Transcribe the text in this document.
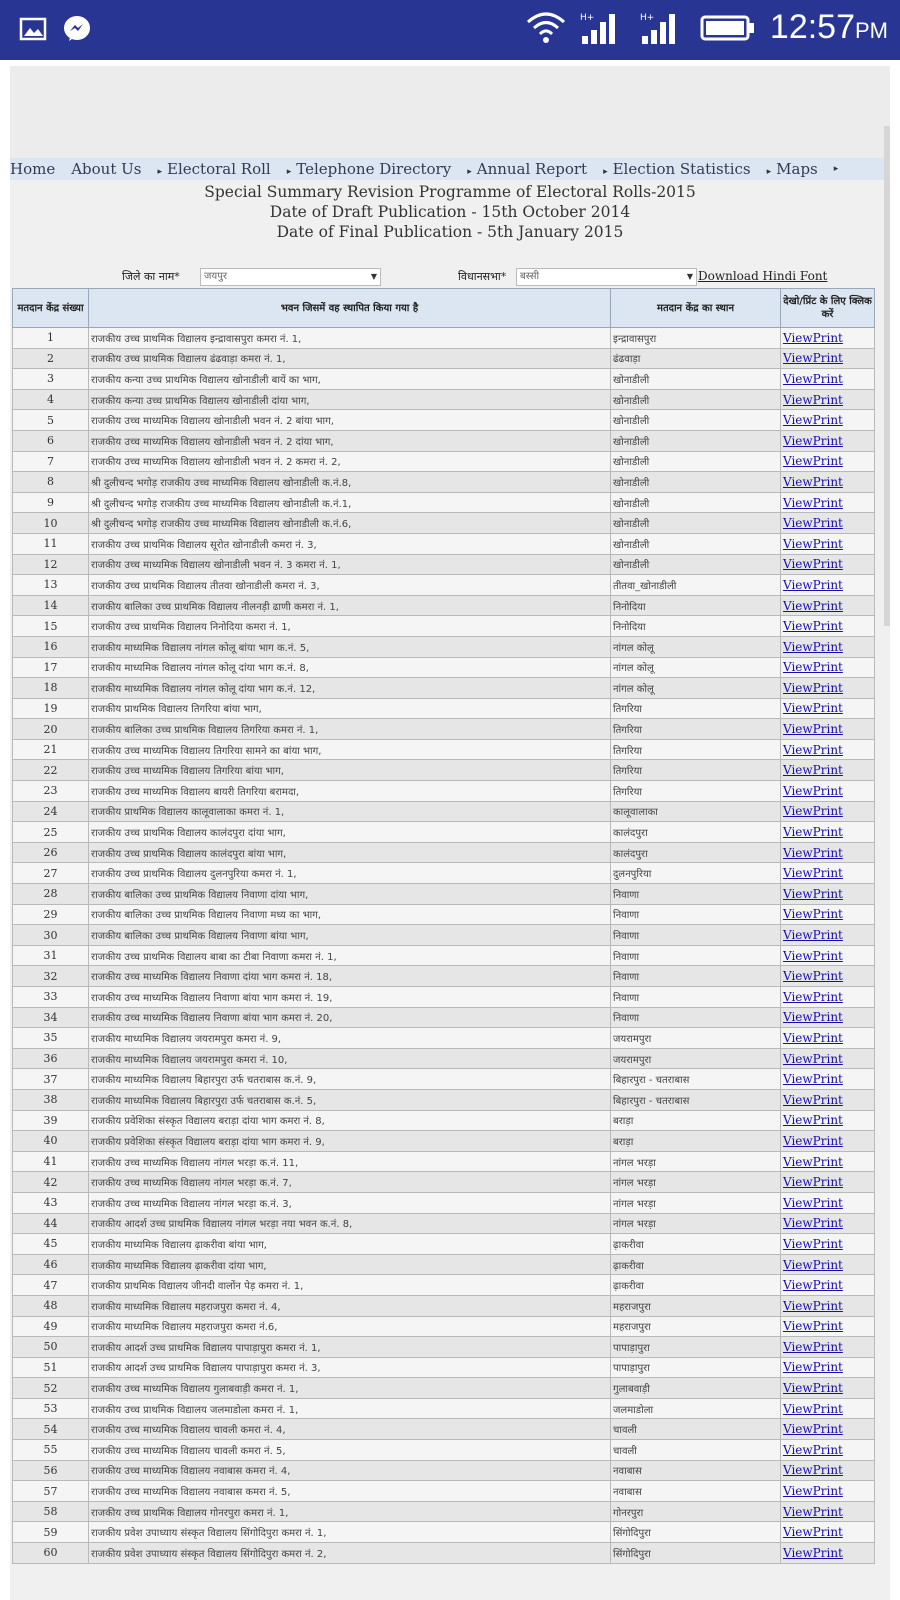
H+	H+	12:57PM
Home About Us ▸ Electoral Roll ▸ Telephone Directory ▸ Annual Report ▸ Election Statistics ▸ Maps ▸
Special Summary Revision Programme of Electoral Rolls-2015
Date of Draft Publication - 15th October 2014
Date of Final Publication - 5th January 2015
जिले का नाम*	जयपुर	▼	विधानसभा*	बस्सी	▼ Download Hindi Font
मतदान केंद्र संख्या	भवन जिसमें वह स्थापित किया गया है	मतदान केंद्र का स्थान	देखो/प्रिंट के लिए क्लिक करें
1	राजकीय उच्च प्राथमिक विद्यालय इन्द्रावासपुरा कमरा नं. 1,	इन्द्रावासपुरा	ViewPrint
2	राजकीय उच्च प्राथमिक विद्यालय ढंढवाड़ा कमरा नं. 1,	ढंढवाड़ा	ViewPrint
3	राजकीय कन्या उच्च प्राथमिक विद्यालय खोनाडीली बायें का भाग,	खोनाडीली	ViewPrint
4	राजकीय कन्या उच्च प्राथमिक विद्यालय खोनाडीली दांया भाग,	खोनाडीली	ViewPrint
5	राजकीय उच्च माध्यमिक विद्यालय खोनाडीली भवन नं. 2 बांया भाग,	खोनाडीली	ViewPrint
6	राजकीय उच्च माध्यमिक विद्यालय खोनाडीली भवन नं. 2 दांया भाग,	खोनाडीली	ViewPrint
7	राजकीय उच्च माध्यमिक विद्यालय खोनाडीली भवन नं. 2 कमरा नं. 2,	खोनाडीली	ViewPrint
8	श्री दुलीचन्द भगोड़ राजकीय उच्च माध्यमिक विद्यालय खोनाडीली क.नं.8,	खोनाडीली	ViewPrint
9	श्री दुलीचन्द भगोड़ राजकीय उच्च माध्यमिक विद्यालय खोनाडीली क.नं.1,	खोनाडीली	ViewPrint
10	श्री दुलीचन्द भगोड़ राजकीय उच्च माध्यमिक विद्यालय खोनाडीली क.नं.6,	खोनाडीली	ViewPrint
11	राजकीय उच्च प्राथमिक विद्यालय सूरोत खोनाडीली कमरा नं. 3,	खोनाडीली	ViewPrint
12	राजकीय उच्च माध्यमिक विद्यालय खोनाडीली भवन नं. 3 कमरा नं. 1,	खोनाडीली	ViewPrint
13	राजकीय उच्च प्राथमिक विद्यालय तीतवा खोनाडीली कमरा नं. 3,	तीतवा_खोनाडीली	ViewPrint
14	राजकीय बालिका उच्च प्राथमिक विद्यालय नीलनड़ी ढाणी कमरा नं. 1,	निनोदिया	ViewPrint
15	राजकीय उच्च प्राथमिक विद्यालय निनोदिया कमरा नं. 1,	निनोदिया	ViewPrint
16	राजकीय माध्यमिक विद्यालय नांगल कोलू बांया भाग क.नं. 5,	नांगल कोलू	ViewPrint
17	राजकीय माध्यमिक विद्यालय नांगल कोलू दांया भाग क.नं. 8,	नांगल कोलू	ViewPrint
18	राजकीय माध्यमिक विद्यालय नांगल कोलू दांया भाग क.नं. 12,	नांगल कोलू	ViewPrint
19	राजकीय प्राथमिक विद्यालय तिगरिया बांया भाग,	तिगरिया	ViewPrint
20	राजकीय बालिका उच्च प्राथमिक विद्यालय तिगरिया कमरा नं. 1,	तिगरिया	ViewPrint
21	राजकीय उच्च माध्यमिक विद्यालय तिगरिया सामने का बांया भाग,	तिगरिया	ViewPrint
22	राजकीय उच्च माध्यमिक विद्यालय तिगरिया बांया भाग,	तिगरिया	ViewPrint
23	राजकीय उच्च माध्यमिक विद्यालय बायरी तिगरिया बरामदा,	तिगरिया	ViewPrint
24	राजकीय प्राथमिक विद्यालय कालूवालाका कमरा नं. 1,	कालूवालाका	ViewPrint
25	राजकीय उच्च प्राथमिक विद्यालय कालंदपुरा दांया भाग,	कालंदपुरा	ViewPrint
26	राजकीय उच्च प्राथमिक विद्यालय कालंदपुरा बांया भाग,	कालंदपुरा	ViewPrint
27	राजकीय उच्च प्राथमिक विद्यालय दुलनपुरिया कमरा नं. 1,	दुलनपुरिया	ViewPrint
28	राजकीय बालिका उच्च प्राथमिक विद्यालय निवाणा दांया भाग,	निवाणा	ViewPrint
29	राजकीय बालिका उच्च प्राथमिक विद्यालय निवाणा मध्य का भाग,	निवाणा	ViewPrint
30	राजकीय बालिका उच्च प्राथमिक विद्यालय निवाणा बांया भाग,	निवाणा	ViewPrint
31	राजकीय उच्च प्राथमिक विद्यालय बाबा का टीबा निवाणा कमरा नं. 1,	निवाणा	ViewPrint
32	राजकीय उच्च माध्यमिक विद्यालय निवाणा दांया भाग कमरा नं. 18,	निवाणा	ViewPrint
33	राजकीय उच्च माध्यमिक विद्यालय निवाणा बांया भाग कमरा नं. 19,	निवाणा	ViewPrint
34	राजकीय उच्च माध्यमिक विद्यालय निवाणा बांया भाग कमरा नं. 20,	निवाणा	ViewPrint
35	राजकीय माध्यमिक विद्यालय जयरामपुरा कमरा नं. 9,	जयरामपुरा	ViewPrint
36	राजकीय माध्यमिक विद्यालय जयरामपुरा कमरा नं. 10,	जयरामपुरा	ViewPrint
37	राजकीय माध्यमिक विद्यालय बिहारपुरा उर्फ चतराबास क.नं. 9,	बिहारपुरा - चतराबास	ViewPrint
38	राजकीय माध्यमिक विद्यालय बिहारपुरा उर्फ चतराबास क.नं. 5,	बिहारपुरा - चतराबास	ViewPrint
39	राजकीय प्रवेशिका संस्कृत विद्यालय बराड़ा दांया भाग कमरा नं. 8,	बराड़ा	ViewPrint
40	राजकीय प्रवेशिका संस्कृत विद्यालय बराड़ा दांया भाग कमरा नं. 9,	बराड़ा	ViewPrint
41	राजकीय उच्च माध्यमिक विद्यालय नांगल भरड़ा क.नं. 11,	नांगल भरड़ा	ViewPrint
42	राजकीय उच्च माध्यमिक विद्यालय नांगल भरड़ा क.नं. 7,	नांगल भरड़ा	ViewPrint
43	राजकीय उच्च माध्यमिक विद्यालय नांगल भरड़ा क.नं. 3,	नांगल भरड़ा	ViewPrint
44	राजकीय आदर्श उच्च प्राथमिक विद्यालय नांगल भरड़ा नया भवन क.नं. 8,	नांगल भरड़ा	ViewPrint
45	राजकीय माध्यमिक विद्यालय ढ़ाकरीवा बांया भाग,	ढ़ाकरीवा	ViewPrint
46	राजकीय माध्यमिक विद्यालय ढ़ाकरीवा दांया भाग,	ढ़ाकरीवा	ViewPrint
47	राजकीय प्राथमिक विद्यालय जीनदी वालोंन पेड़ कमरा नं. 1,	ढ़ाकरीवा	ViewPrint
48	राजकीय माध्यमिक विद्यालय महराजपुरा कमरा नं. 4,	महराजपुरा	ViewPrint
49	राजकीय माध्यमिक विद्यालय महराजपुरा कमरा नं.6,	महराजपुरा	ViewPrint
50	राजकीय आदर्श उच्च प्राथमिक विद्यालय पापाड़ापुरा कमरा नं. 1,	पापाड़ापुरा	ViewPrint
51	राजकीय आदर्श उच्च प्राथमिक विद्यालय पापाड़ापुरा कमरा नं. 3,	पापाड़ापुरा	ViewPrint
52	राजकीय उच्च माध्यमिक विद्यालय गुलाबवाड़ी कमरा नं. 1,	गुलाबवाड़ी	ViewPrint
53	राजकीय उच्च प्राथमिक विद्यालय जलमाडोला कमरा नं. 1,	जलमाडोला	ViewPrint
54	राजकीय उच्च माध्यमिक विद्यालय चावली कमरा नं. 4,	चावली	ViewPrint
55	राजकीय उच्च माध्यमिक विद्यालय चावली कमरा नं. 5,	चावली	ViewPrint
56	राजकीय उच्च माध्यमिक विद्यालय नवाबास कमरा नं. 4,	नवाबास	ViewPrint
57	राजकीय उच्च माध्यमिक विद्यालय नवाबास कमरा नं. 5,	नवाबास	ViewPrint
58	राजकीय उच्च प्राथमिक विद्यालय गोनरपुरा कमरा नं. 1,	गोनरपुरा	ViewPrint
59	राजकीय प्रवेश उपाध्याय संस्कृत विद्यालय सिंगोदिपुरा कमरा नं. 1,	सिंगोदिपुरा	ViewPrint
60	राजकीय प्रवेश उपाध्याय संस्कृत विद्यालय सिंगोदिपुरा कमरा नं. 2,	सिंगोदिपुरा	ViewPrint
